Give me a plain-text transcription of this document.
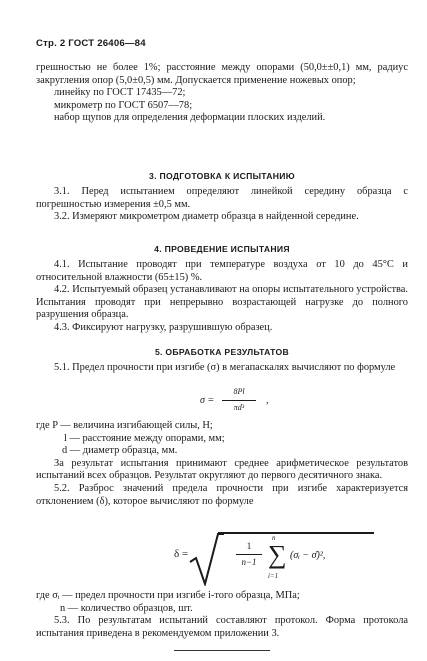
Стр. 2 ГОСТ 26406—84

грешностью не более 1%; расстояние между опорами (50,0±±0,1) мм, радиус закругления опор (5,0±0,5) мм. Допускается применение ножевых опор;

линейку по ГОСТ 17435—72;

микрометр по ГОСТ 6507—78;

набор щупов для определения деформации плоских изделий.

3. ПОДГОТОВКА К ИСПЫТАНИЮ

3.1. Перед испытанием определяют линейкой середину образца с погрешностью измерения ±0,5 мм.

3.2. Измеряют микрометром диаметр образца в найденной середине.

4. ПРОВЕДЕНИЕ ИСПЫТАНИЯ

4.1. Испытание проводят при температуре воздуха от 10 до 45°С и относительной влажности (65±15) %.

4.2. Испытуемый образец устанавливают на опоры испытательного устройства. Испытания проводят при непрерывно возрастающей нагрузке до полного разрушения образца.

4.3. Фиксируют нагрузку, разрушившую образец.

5. ОБРАБОТКА РЕЗУЛЬТАТОВ

5.1. Предел прочности при изгибе (σ) в мегапаскалях вычисляют по формуле

σ =
8Pl
πd³
,

где P — величина изгибающей силы, Н;

l — расстояние между опорами, мм;

d — диаметр образца, мм.

За результат испытания принимают среднее арифметическое результатов испытаний всех образцов. Результат округляют до первого десятичного знака.

5.2. Разброс значений предела прочности при изгибе характеризуется отклонением (δ), которое вычисляют по формуле

δ =
1
n−1
n
∑
i=1
(σᵢ − σ̄)²,

где σᵢ — предел прочности при изгибе i-того образца, МПа;

n — количество образцов, шт.

5.3. По результатам испытаний составляют протокол. Форма протокола испытания приведена в рекомендуемом приложении 3.
